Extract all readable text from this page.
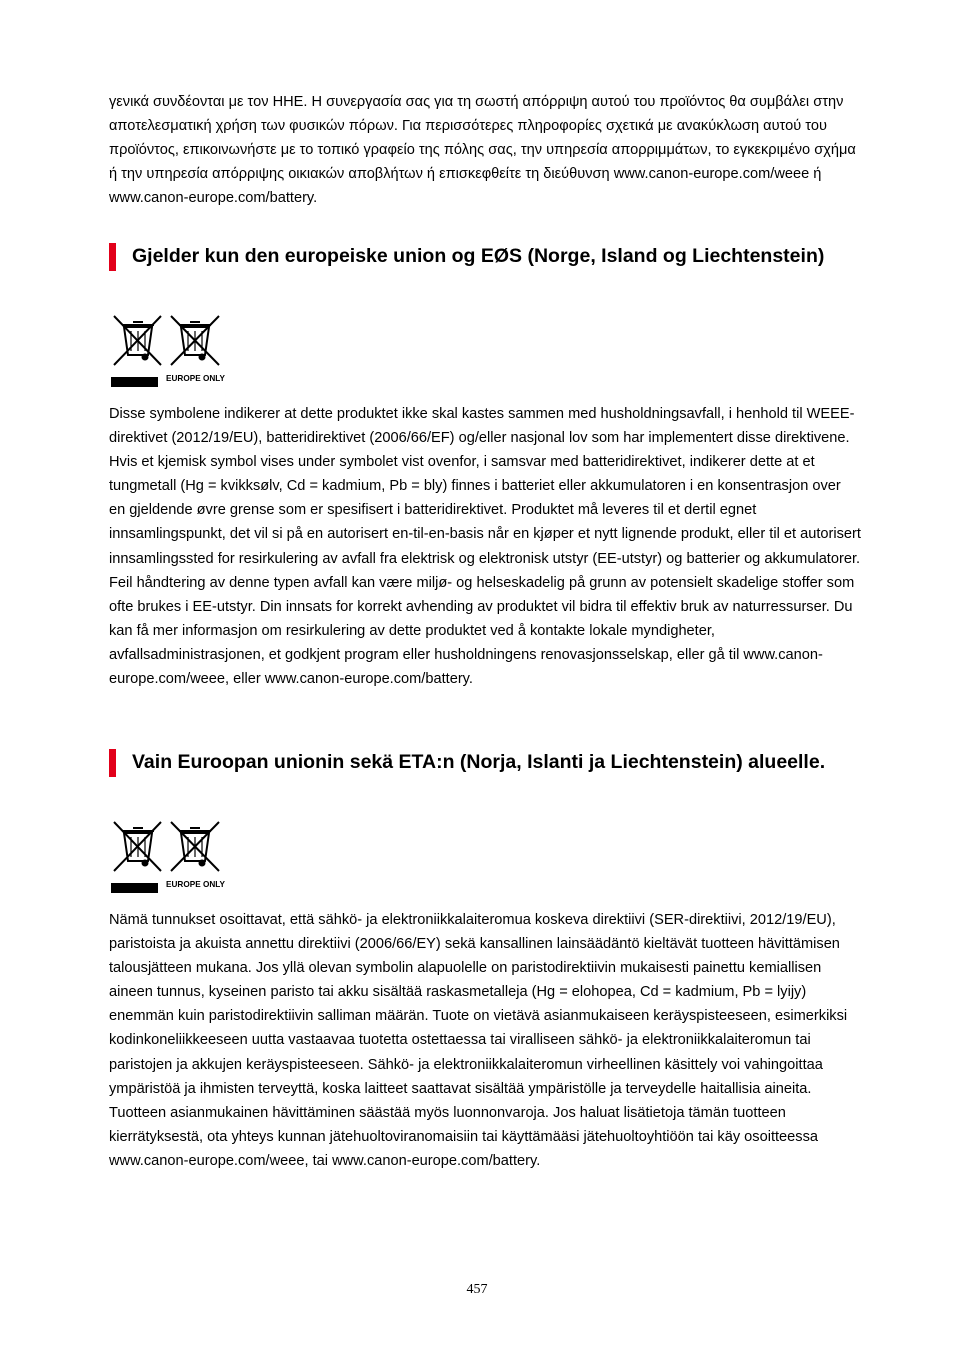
γενικά συνδέονται με τον ΗΗΕ. Η συνεργασία σας για τη σωστή απόρριψη αυτού του προϊόντος θα συμβάλει στην αποτελεσματική χρήση των φυσικών πόρων. Για περισσότερες πληροφορίες σχετικά με ανακύκλωση αυτού του προϊόντος, επικοινωνήστε με το τοπικό γραφείο της πόλης σας, την υπηρεσία απορριμμάτων, το εγκεκριμένο σχήμα ή την υπηρεσία απόρριψης οικιακών αποβλήτων ή επισκεφθείτε τη διεύθυνση www.canon-europe.com/weee ή www.canon-europe.com/battery.

Gjelder kun den europeiske union og EØS (Norge, Island og Liechtenstein)
EUROPE ONLY

Disse symbolene indikerer at dette produktet ikke skal kastes sammen med husholdningsavfall, i henhold til WEEE-direktivet (2012/19/EU), batteridirektivet (2006/66/EF) og/eller nasjonal lov som har implementert disse direktivene. Hvis et kjemisk symbol vises under symbolet vist ovenfor, i samsvar med batteridirektivet, indikerer dette at et tungmetall (Hg = kvikksølv, Cd = kadmium, Pb = bly) finnes i batteriet eller akkumulatoren i en konsentrasjon over en gjeldende øvre grense som er spesifisert i batteridirektivet. Produktet må leveres til et dertil egnet innsamlingspunkt, det vil si på en autorisert en-til-en-basis når en kjøper et nytt lignende produkt, eller til et autorisert innsamlingssted for resirkulering av avfall fra elektrisk og elektronisk utstyr (EE-utstyr) og batterier og akkumulatorer. Feil håndtering av denne typen avfall kan være miljø- og helseskadelig på grunn av potensielt skadelige stoffer som ofte brukes i EE-utstyr. Din innsats for korrekt avhending av produktet vil bidra til effektiv bruk av naturressurser. Du kan få mer informasjon om resirkulering av dette produktet ved å kontakte lokale myndigheter, avfallsadministrasjonen, et godkjent program eller husholdningens renovasjonsselskap, eller gå til www.canon-europe.com/weee, eller www.canon-europe.com/battery.

Vain Euroopan unionin sekä ETA:n (Norja, Islanti ja Liechtenstein) alueelle.
EUROPE ONLY

Nämä tunnukset osoittavat, että sähkö- ja elektroniikkalaiteromua koskeva direktiivi (SER-direktiivi, 2012/19/EU), paristoista ja akuista annettu direktiivi (2006/66/EY) sekä kansallinen lainsäädäntö kieltävät tuotteen hävittämisen talousjätteen mukana. Jos yllä olevan symbolin alapuolelle on paristodirektiivin mukaisesti painettu kemiallisen aineen tunnus, kyseinen paristo tai akku sisältää raskasmetalleja (Hg = elohopea, Cd = kadmium, Pb = lyijy) enemmän kuin paristodirektiivin salliman määrän. Tuote on vietävä asianmukaiseen keräyspisteeseen, esimerkiksi kodinkoneliikkeeseen uutta vastaavaa tuotetta ostettaessa tai viralliseen sähkö- ja elektroniikkalaiteromun tai paristojen ja akkujen keräyspisteeseen. Sähkö- ja elektroniikkalaiteromun virheellinen käsittely voi vahingoittaa ympäristöä ja ihmisten terveyttä, koska laitteet saattavat sisältää ympäristölle ja terveydelle haitallisia aineita. Tuotteen asianmukainen hävittäminen säästää myös luonnonvaroja. Jos haluat lisätietoja tämän tuotteen kierrätyksestä, ota yhteys kunnan jätehuoltoviranomaisiin tai käyttämääsi jätehuoltoyhtiöön tai käy osoitteessa www.canon-europe.com/weee, tai www.canon-europe.com/battery.

457
